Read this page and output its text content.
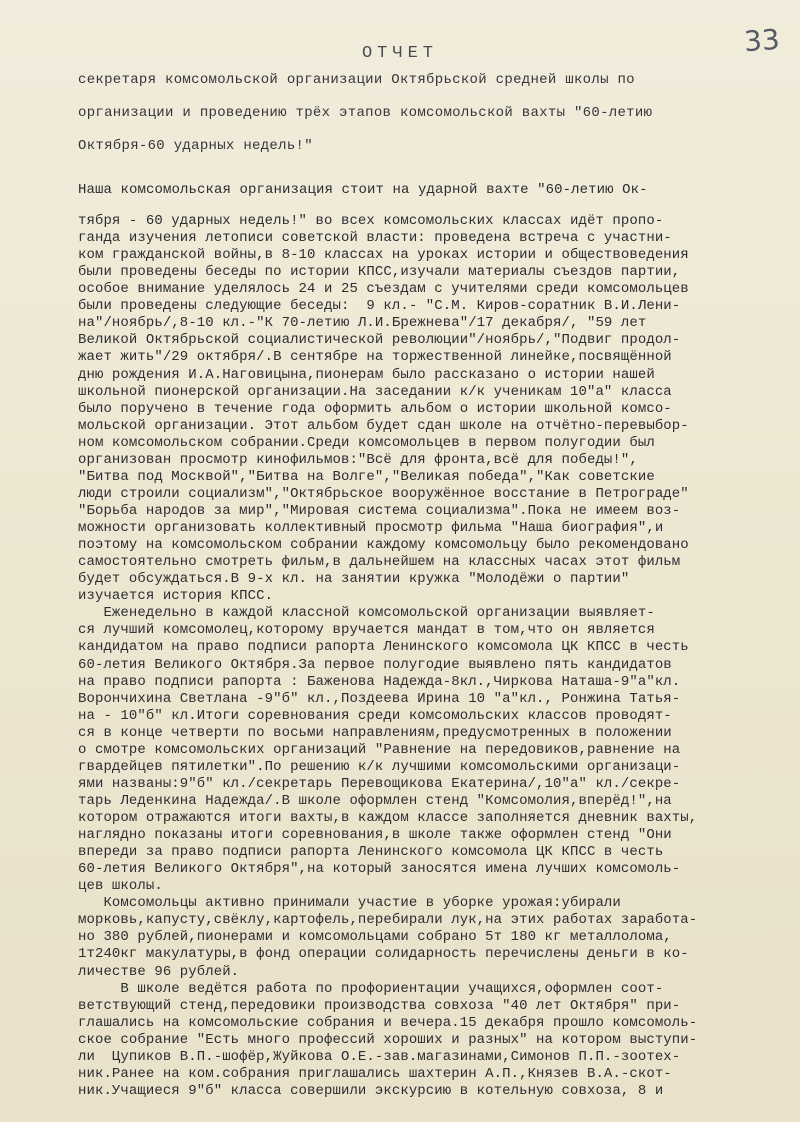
33
ОТЧЕТ
секретаря комсомольской организации Октябрьской средней школы по
организации и проведению трёх этапов комсомольской вахты "60-летию
Октября-60 ударных недель!"
Наша комсомольская организация стоит на ударной вахте "60-летию Ок-
тября - 60 ударных недель!" во всех комсомольских классах идёт пропо-
ганда изучения летописи советской власти: проведена встреча с участни-
ком гражданской войны,в 8-10 классах на уроках истории и обществоведения
были проведены беседы по истории КПСС,изучали материалы съездов партии,
особое внимание уделялось 24 и 25 съездам с учителями среди комсомольцев
были проведены следующие беседы:  9 кл.- "С.М. Киров-соратник В.И.Лени-
на"/ноябрь/,8-10 кл.-"К 70-летию Л.И.Брежнева"/17 декабря/, "59 лет
Великой Октябрьской социалистической революции"/ноябрь/,"Подвиг продол-
жает жить"/29 октября/.В сентябре на торжественной линейке,посвящённой
дню рождения И.А.Наговицына,пионерам было рассказано о истории нашей
школьной пионерской организации.На заседании к/к ученикам 10"а" класса
было поручено в течение года оформить альбом о истории школьной комсо-
мольской организации. Этот альбом будет сдан школе на отчётно-перевыбор-
ном комсомольском собрании.Среди комсомольцев в первом полугодии был
организован просмотр кинофильмов:"Всё для фронта,всё для победы!",
"Битва под Москвой","Битва на Волге","Великая победа","Как советские
люди строили социализм","Октябрьское вооружённое восстание в Петрограде"
"Борьба народов за мир","Мировая система социализма".Пока не имеем воз-
можности организовать коллективный просмотр фильма "Наша биография",и
поэтому на комсомольском собрании каждому комсомольцу было рекомендовано
самостоятельно смотреть фильм,в дальнейшем на классных часах этот фильм
будет обсуждаться.В 9-х кл. на занятии кружка "Молодёжи о партии"
изучается история КПСС.
Еженедельно в каждой классной комсомольской организации выявляет-
ся лучший комсомолец,которому вручается мандат в том,что он является
кандидатом на право подписи рапорта Ленинского комсомола ЦК КПСС в честь
60-летия Великого Октября.За первое полугодие выявлено пять кандидатов
на право подписи рапорта : Баженова Надежда-8кл.,Чиркова Наташа-9"а"кл.
Ворончихина Светлана -9"б" кл.,Поздеева Ирина 10 "а"кл., Ронжина Татья-
на - 10"б" кл.Итоги соревнования среди комсомольских классов проводят-
ся в конце четверти по восьми направлениям,предусмотренных в положении
о смотре комсомольских организаций "Равнение на передовиков,равнение на
гвардейцев пятилетки".По решению к/к лучшими комсомольскими организаци-
ями названы:9"б" кл./секретарь Перевощикова Екатерина/,10"а" кл./секре-
тарь Леденкина Надежда/.В школе оформлен стенд "Комсомолия,вперёд!",на
котором отражаются итоги вахты,в каждом классе заполняется дневник вахты,
наглядно показаны итоги соревнования,в школе также оформлен стенд "Они
впереди за право подписи рапорта Ленинского комсомола ЦК КПСС в честь
60-летия Великого Октября",на который заносятся имена лучших комсомоль-
цев школы.
Комсомольцы активно принимали участие в уборке урожая:убирали
морковь,капусту,свёклу,картофель,перебирали лук,на этих работах заработа-
но 380 рублей,пионерами и комсомольцами собрано 5т 180 кг металлолома,
1т240кг макулатуры,в фонд операции солидарность перечислены деньги в ко-
личестве 96 рублей.
В школе ведётся работа по профориентации учащихся,оформлен соот-
ветствующий стенд,передовики производства совхоза "40 лет Октября" при-
глашались на комсомольские собрания и вечера.15 декабря прошло комсомоль-
ское собрание "Есть много профессий хороших и разных" на котором выступи-
ли  Цупиков В.П.-шофёр,Жуйкова О.Е.-зав.магазинами,Симонов П.П.-зоотех-
ник.Ранее на ком.собрания приглашались шахтерин А.П.,Князев В.А.-скот-
ник.Учащиеся 9"б" класса совершили экскурсию в котельную совхоза, 8 и
